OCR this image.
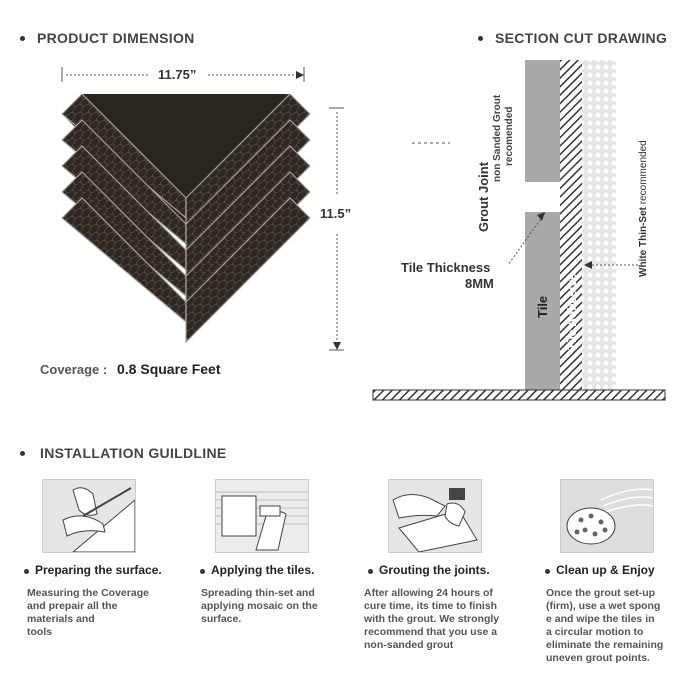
PRODUCT DIMENSION
11.75”
11.5”
Coverage : 0.8 Square Feet
SECTION CUT DRAWING
Grout Joint
non Sanded Grout recomended
Tile Thickness
8MM
Tile Tile Adhesive
White Thin-Set recommended
INSTALLATION GUILDLINE
Preparing the surface.
Measuring the Coverage
and prepair all the
materials and
tools
Applying the tiles.
Spreading thin-set and
applying mosaic on the
surface.
Grouting the joints.
After allowing 24 hours of
cure time, its time to finish
with the grout. We strongly
recommend that you use a
non-sanded grout
Clean up & Enjoy
Once the grout set-up
(firm), use a wet spong
e and wipe the tiles in
a circular motion to
eliminate the remaining
uneven grout points.
